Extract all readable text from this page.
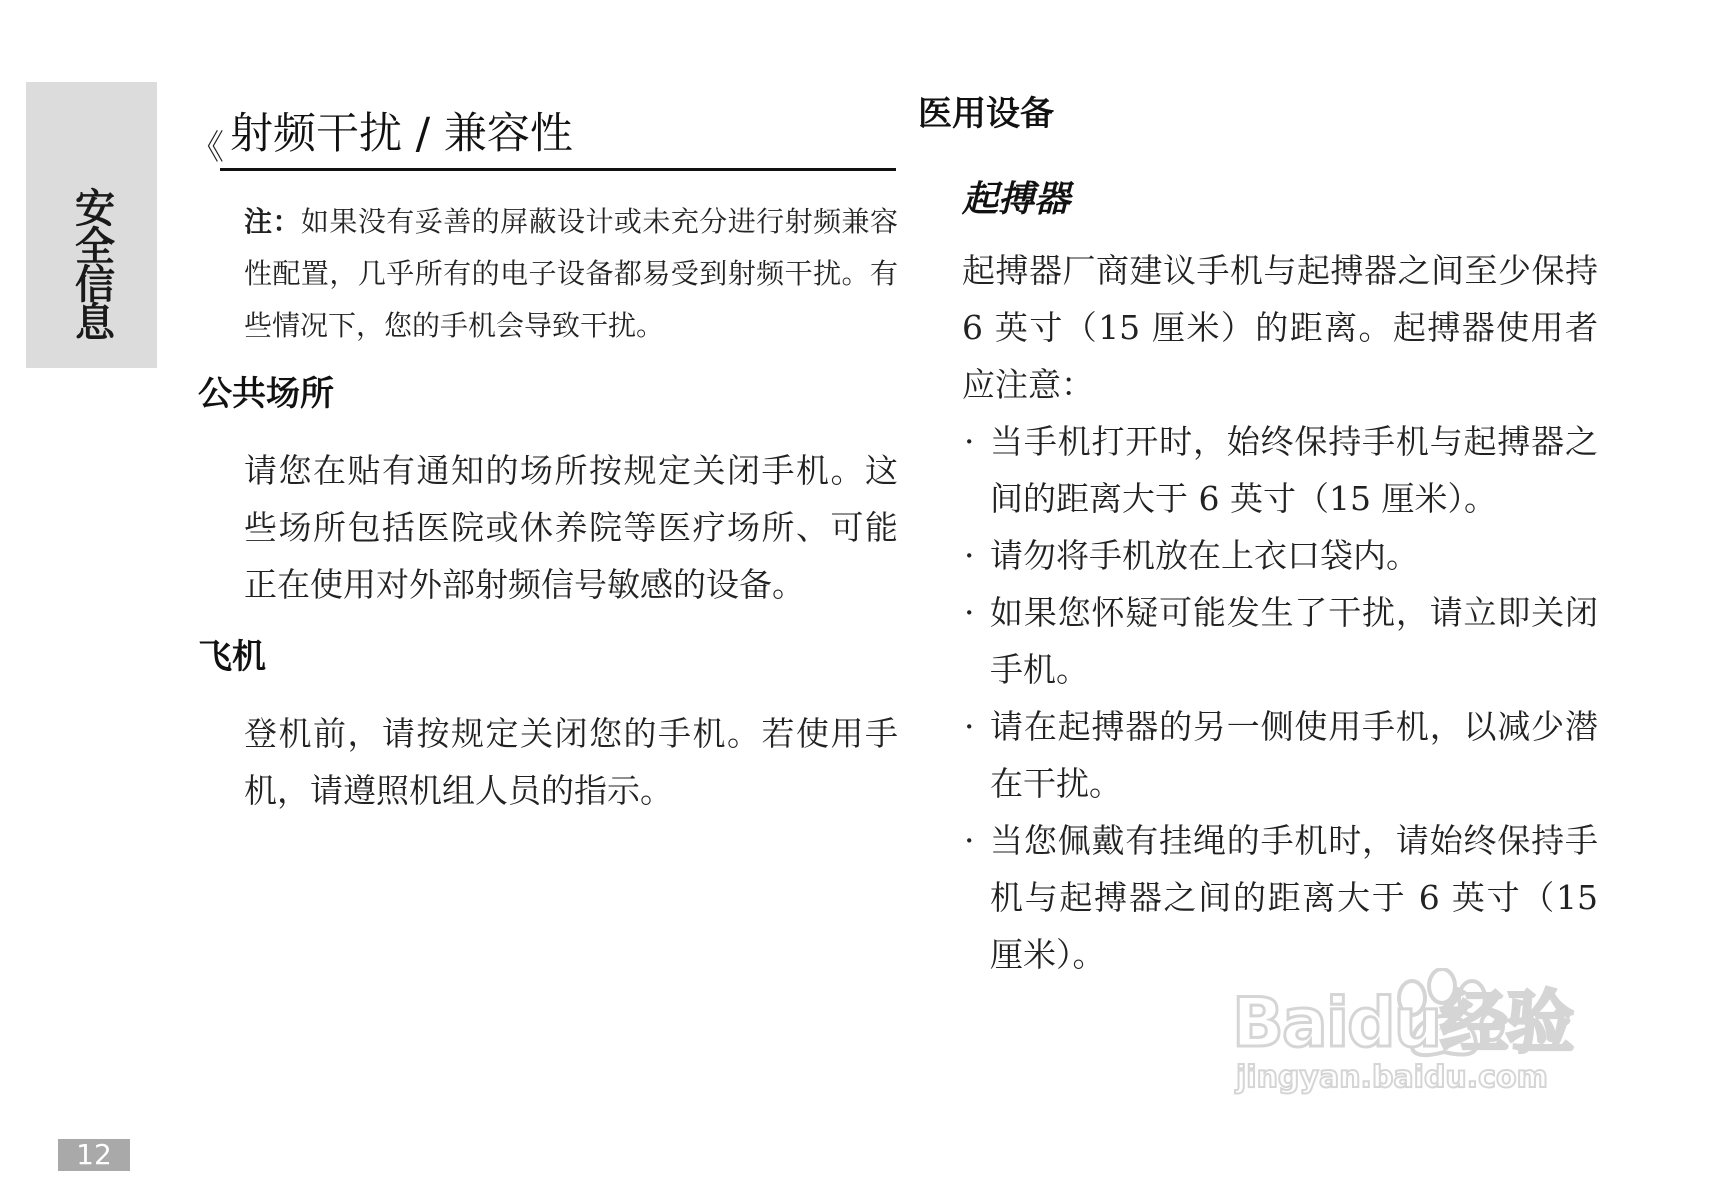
安全信息
《 射频干扰 / 兼容性

注：如果没有妥善的屏蔽设计或未充分进行射频兼容性配置，几乎所有的电子设备都易受到射频干扰。有些情况下，您的手机会导致干扰。

公共场所

请您在贴有通知的场所按规定关闭手机。这些场所包括医院或休养院等医疗场所、可能正在使用对外部射频信号敏感的设备。

飞机

登机前，请按规定关闭您的手机。若使用手机，请遵照机组人员的指示。

医用设备
起搏器

起搏器厂商建议手机与起搏器之间至少保持 6 英寸（15 厘米）的距离。起搏器使用者应注意：

· 当手机打开时，始终保持手机与起搏器之间的距离大于 6 英寸（15 厘米）。
· 请勿将手机放在上衣口袋内。
· 如果您怀疑可能发生了干扰，请立即关闭手机。
· 请在起搏器的另一侧使用手机，以减少潜在干扰。
· 当您佩戴有挂绳的手机时，请始终保持手机与起搏器之间的距离大于 6 英寸（15 厘米）。
12
Baidu经验
jingyan.baidu.com
